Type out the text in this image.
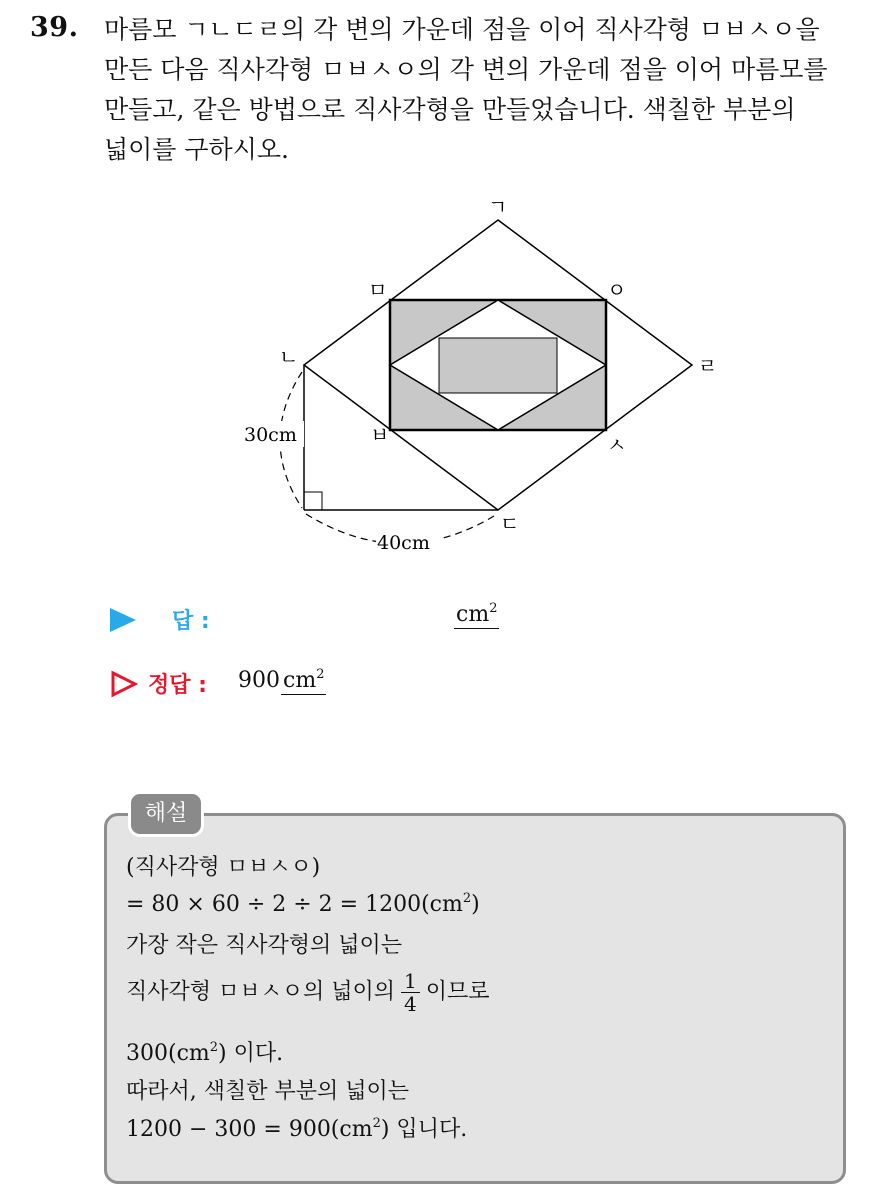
39. 마름모 ㄱㄴㄷㄹ의 각 변의 가운데 점을 이어 직사각형 ㅁㅂㅅㅇ을
만든 다음 직사각형 ㅁㅂㅅㅇ의 각 변의 가운데 점을 이어 마름모를
만들고, 같은 방법으로 직사각형을 만들었습니다. 색칠한 부분의
넓이를 구하시오.
30cm
40cm
ㄱ
ㄴ
ㄷ
ㄹ
ㅁ
ㅂ	ㅅ
ㅇ
답 :	$cm^2$
정답 : 900 $cm^2$
해설
(직사각형 ㅁㅂㅅㅇ)
= $80 \times 60 \div 2 \div 2 = 1200(cm^2)$
가장 작은 직사각형의 넓이는
직사각형 ㅁㅂㅅㅇ의 넓이의 $\frac{1}{4}$ 이므로
$300(cm^2)$ 이다.
따라서, 색칠한 부분의 넓이는
$1200 - 300 = 900(cm^2)$ 입니다.
